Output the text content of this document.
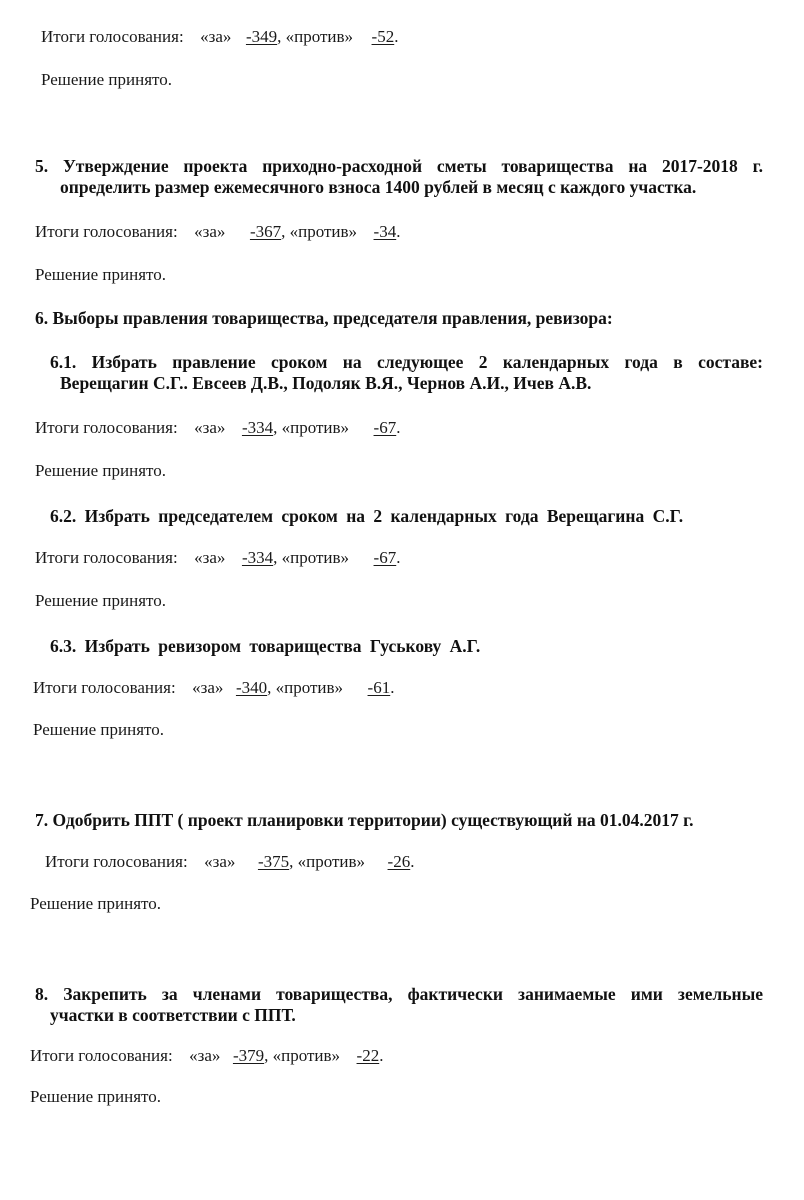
Итоги голосования: «за» -349, «против» -52.
Решение принято.
5. Утверждение проекта приходно-расходной сметы товарищества на 2017-2018 г.
определить размер ежемесячного взноса 1400 рублей в месяц с каждого участка.
Итоги голосования: «за» -367, «против» -34.
Решение принято.
6. Выборы правления товарищества, председателя правления, ревизора:
6.1. Избрать правление сроком на следующее 2 календарных года в составе:
Верещагин С.Г.. Евсеев Д.В., Подоляк В.Я., Чернов А.И., Ичев А.В.
Итоги голосования: «за» -334, «против» -67.
Решение принято.
6.2. Избрать председателем сроком на 2 календарных года Верещагина С.Г.
Итоги голосования: «за» -334, «против» -67.
Решение принято.
6.3. Избрать ревизором товарищества Гуськову А.Г.
Итоги голосования: «за» -340, «против» -61.
Решение принято.
7. Одобрить ППТ ( проект планировки территории) существующий на 01.04.2017 г.
Итоги голосования: «за» -375, «против» -26.
Решение принято.
8. Закрепить за членами товарищества, фактически занимаемые ими земельные
участки в соответствии с ППТ.
Итоги голосования: «за» -379, «против» -22.
Решение принято.
